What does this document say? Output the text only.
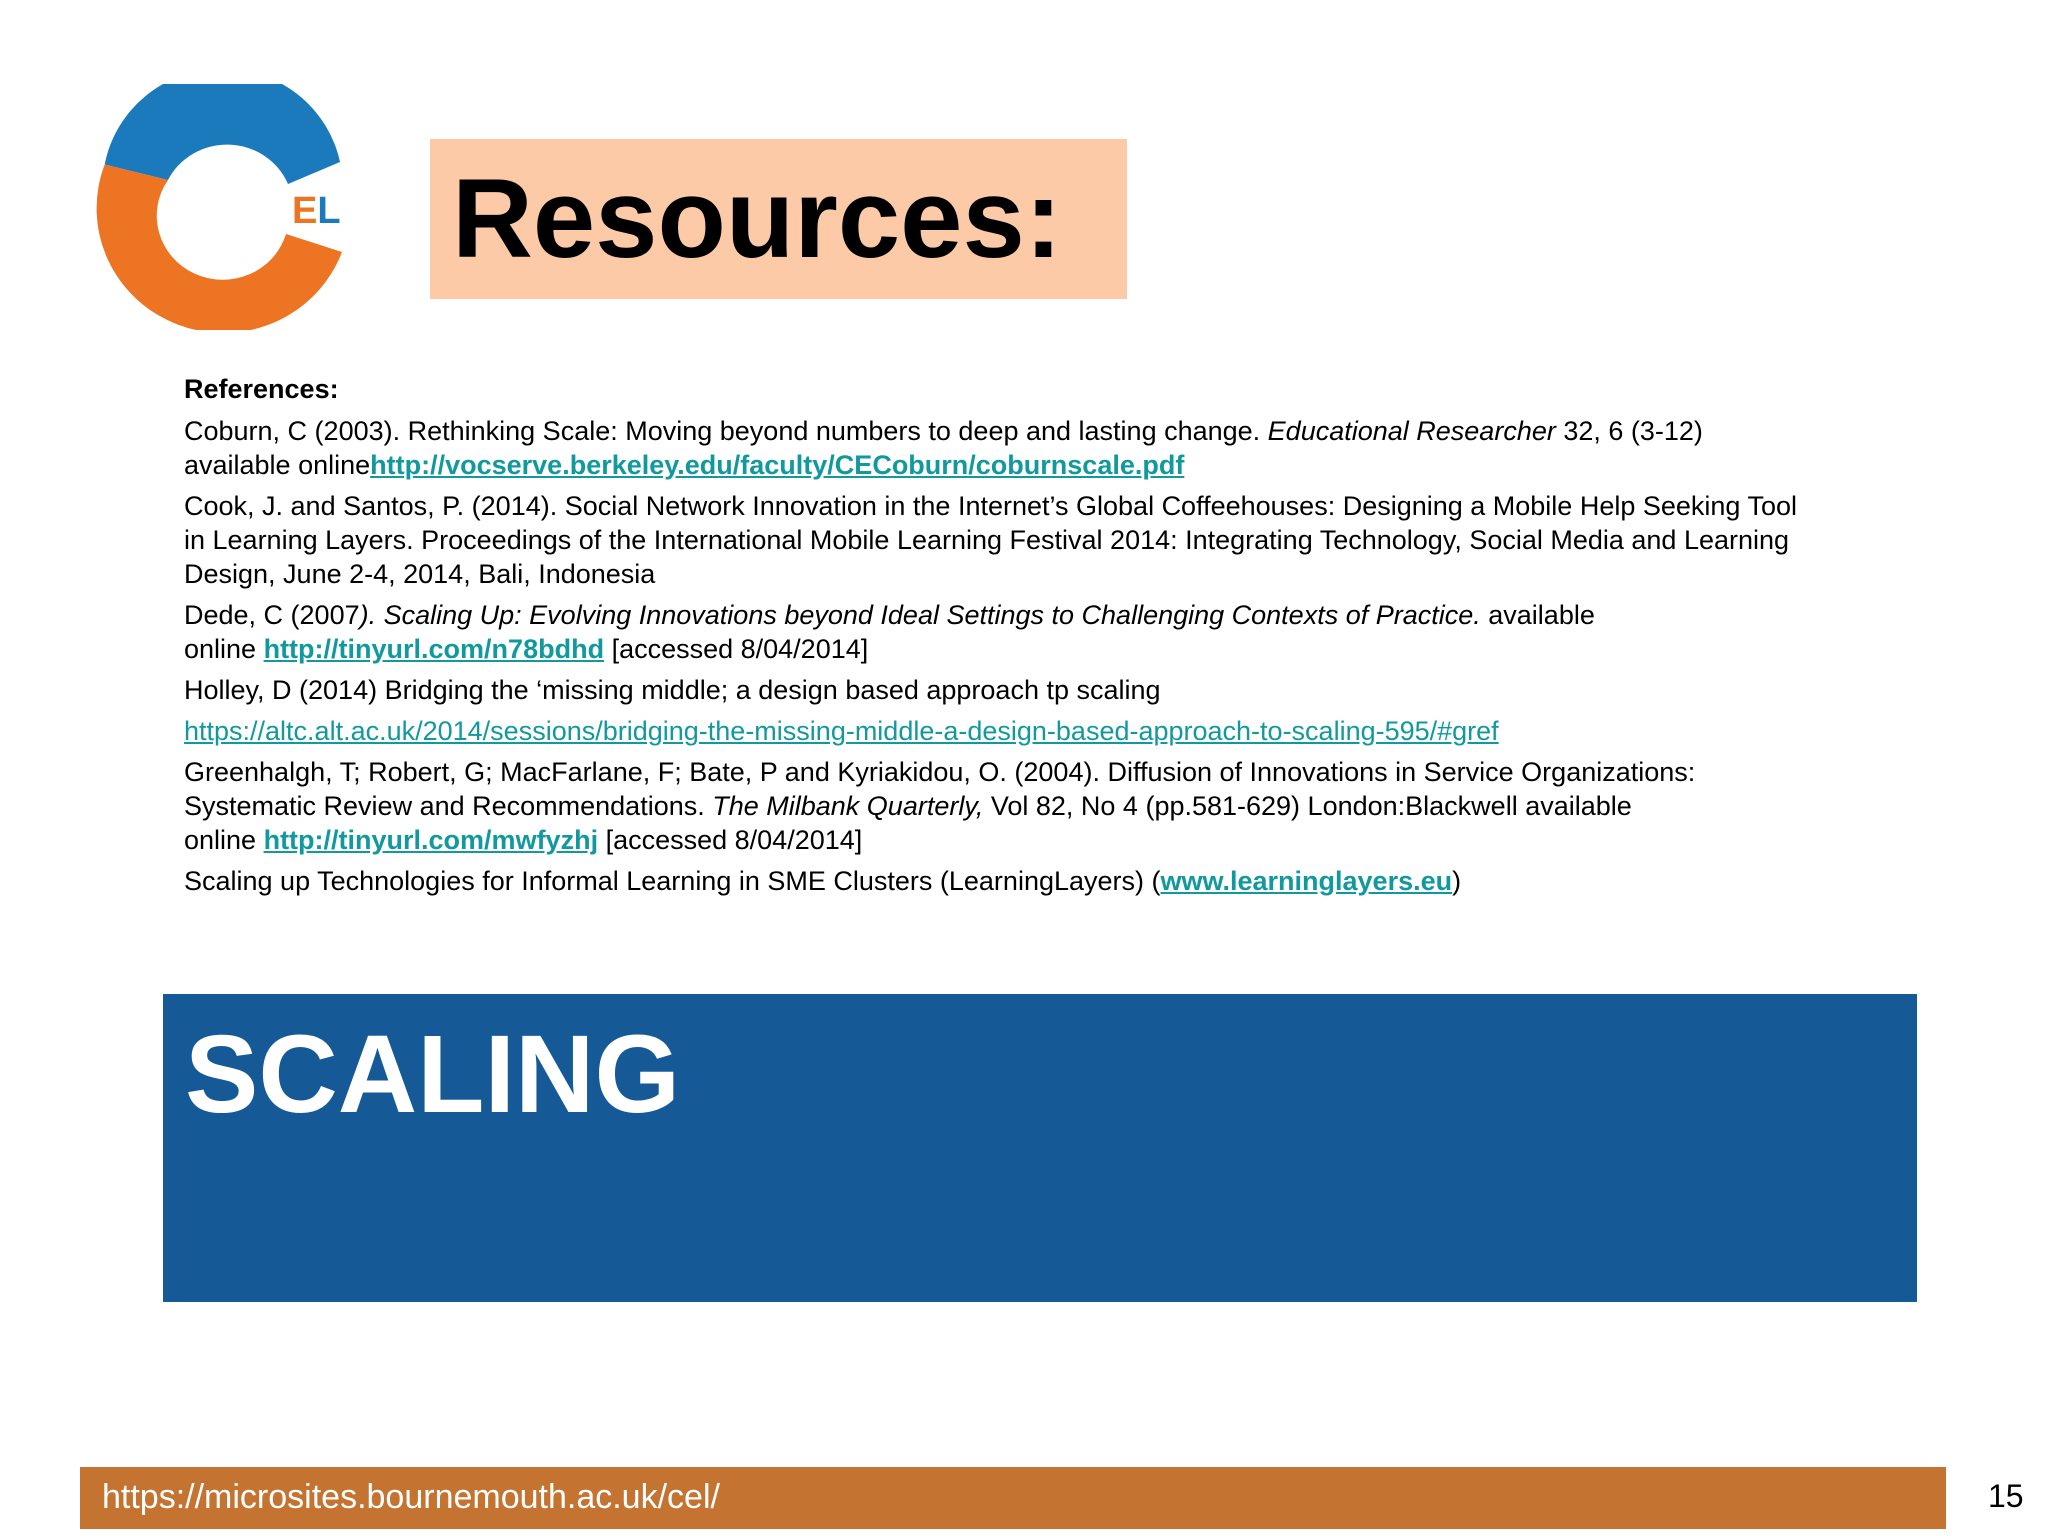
EL Resources:
References:
Coburn, C (2003). Rethinking Scale: Moving beyond numbers to deep and lasting change. Educational Researcher 32, 6 (3-12)
available onlinehttp://vocserve.berkeley.edu/faculty/CECoburn/coburnscale.pdf
Cook, J. and Santos, P. (2014). Social Network Innovation in the Internet’s Global Coffeehouses: Designing a Mobile Help Seeking Tool
in Learning Layers. Proceedings of the International Mobile Learning Festival 2014: Integrating Technology, Social Media and Learning
Design, June 2-4, 2014, Bali, Indonesia
Dede, C (2007). Scaling Up: Evolving Innovations beyond Ideal Settings to Challenging Contexts of Practice. available
online http://tinyurl.com/n78bdhd [accessed 8/04/2014]
Holley, D (2014) Bridging the ‘missing middle; a design based approach tp scaling
https://altc.alt.ac.uk/2014/sessions/bridging-the-missing-middle-a-design-based-approach-to-scaling-595/#gref
Greenhalgh, T; Robert, G; MacFarlane, F; Bate, P and Kyriakidou, O. (2004). Diffusion of Innovations in Service Organizations:
Systematic Review and Recommendations. The Milbank Quarterly, Vol 82, No 4 (pp.581-629) London:Blackwell available
online http://tinyurl.com/mwfyzhj [accessed 8/04/2014]
Scaling up Technologies for Informal Learning in SME Clusters (LearningLayers) (www.learninglayers.eu)
SCALING
https://microsites.bournemouth.ac.uk/cel/	15
